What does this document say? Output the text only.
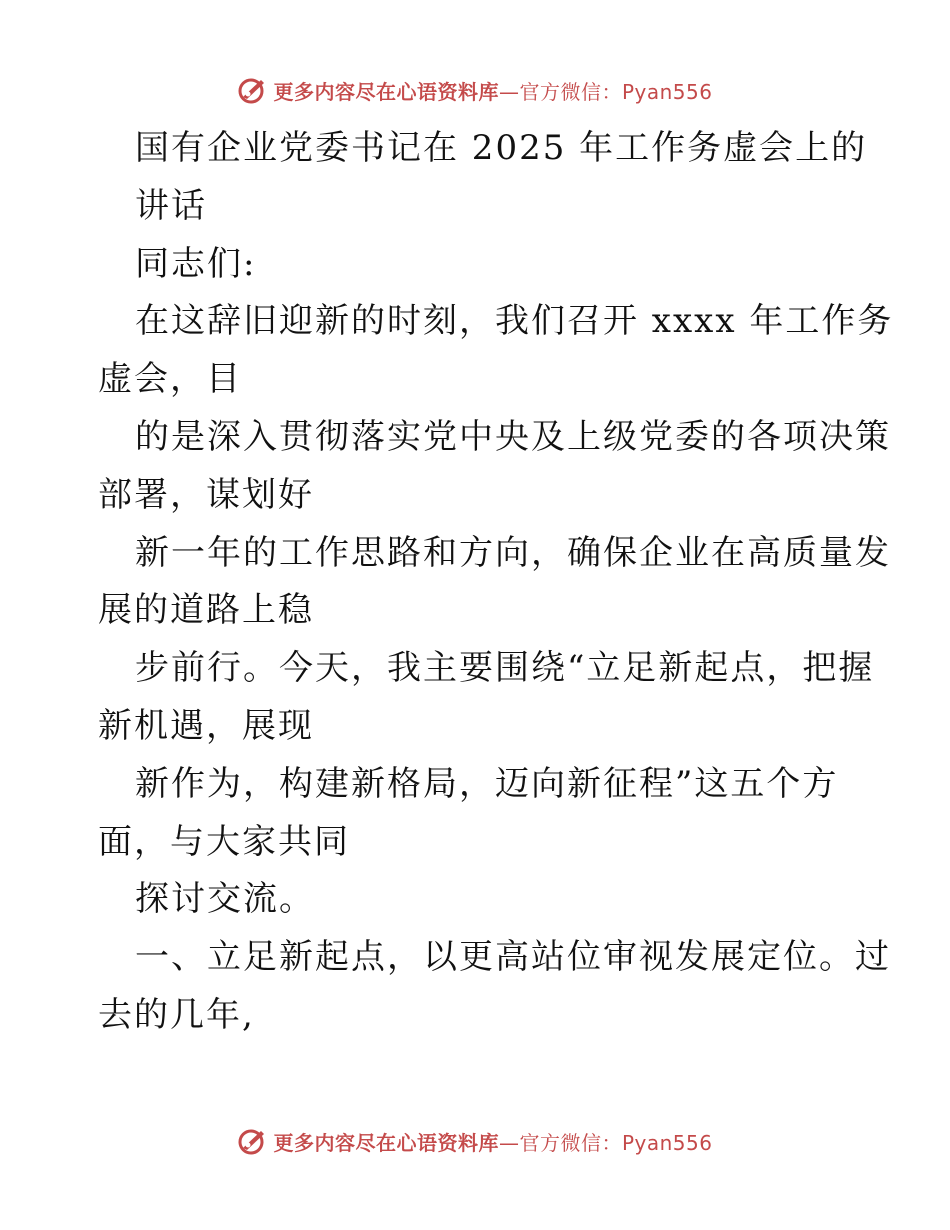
更多内容尽在心语资料库—官方微信：Pyan556
国有企业党委书记在 2025 年工作务虚会上的
讲话
同志们:
在这辞旧迎新的时刻，我们召开 xxxx 年工作务
虚会，目
的是深入贯彻落实党中央及上级党委的各项决策
部署，谋划好
新一年的工作思路和方向，确保企业在高质量发
展的道路上稳
步前行。今天，我主要围绕“立足新起点，把握
新机遇，展现
新作为，构建新格局，迈向新征程”这五个方
面，与大家共同
探讨交流。
一、立足新起点，以更高站位审视发展定位。过
去的几年,
更多内容尽在心语资料库—官方微信：Pyan556
